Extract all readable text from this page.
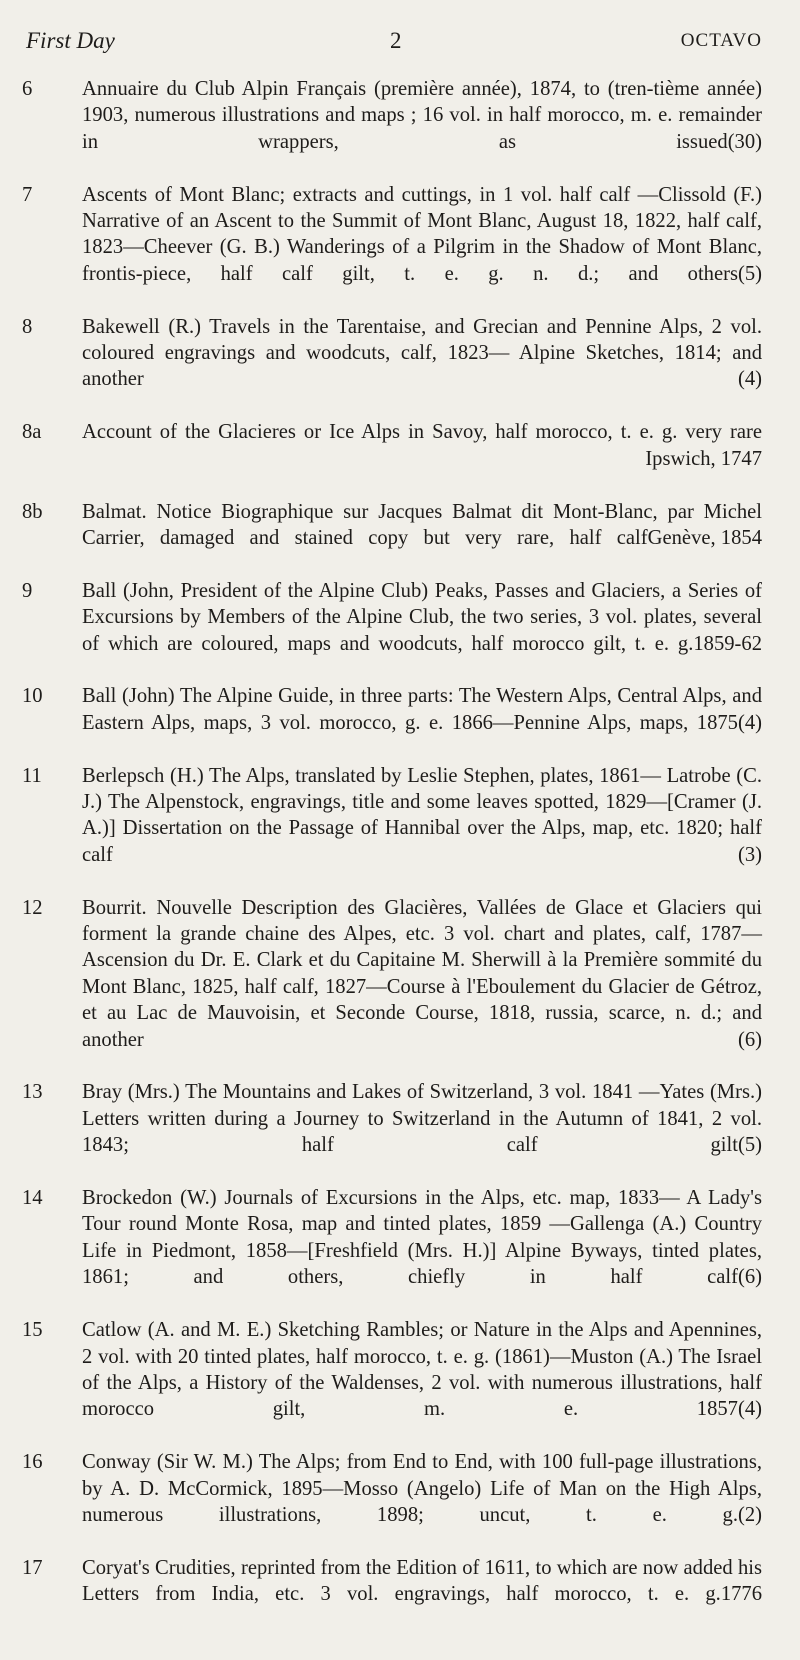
First Day	2	OCTAVO
6	Annuaire du Club Alpin Français (première année), 1874, to (tren-tième année) 1903, numerous illustrations and maps ; 16 vol. in half morocco, m. e. remainder in wrappers, as issued (30)
7	Ascents of Mont Blanc; extracts and cuttings, in 1 vol. half calf —Clissold (F.) Narrative of an Ascent to the Summit of Mont Blanc, August 18, 1822, half calf, 1823—Cheever (G. B.) Wanderings of a Pilgrim in the Shadow of Mont Blanc, frontis-piece, half calf gilt, t. e. g. n. d.; and others (5)
8	Bakewell (R.) Travels in the Tarentaise, and Grecian and Pennine Alps, 2 vol. coloured engravings and woodcuts, calf, 1823— Alpine Sketches, 1814; and another	(4)
8a	Account of the Glacieres or Ice Alps in Savoy, half morocco, t. e. g. very rare
Ipswich, 1747
8b	Balmat. Notice Biographique sur Jacques Balmat dit Mont-Blanc, par Michel Carrier, damaged and stained copy but very rare, half calf Genève, 1854
9	Ball (John, President of the Alpine Club) Peaks, Passes and Glaciers, a Series of Excursions by Members of the Alpine Club, the two series, 3 vol. plates, several of which are coloured, maps and woodcuts, half morocco gilt, t. e. g. 1859-62
10	Ball (John) The Alpine Guide, in three parts: The Western Alps, Central Alps, and Eastern Alps, maps, 3 vol. morocco, g. e. 1866—Pennine Alps, maps, 1875 (4)
11	Berlepsch (H.) The Alps, translated by Leslie Stephen, plates, 1861— Latrobe (C. J.) The Alpenstock, engravings, title and some leaves spotted, 1829—[Cramer (J. A.)] Dissertation on the Passage of Hannibal over the Alps, map, etc. 1820; half calf	(3)
12	Bourrit. Nouvelle Description des Glacières, Vallées de Glace et Glaciers qui forment la grande chaine des Alpes, etc. 3 vol. chart and plates, calf, 1787—Ascension du Dr. E. Clark et du Capitaine M. Sherwill à la Première sommité du Mont Blanc, 1825, half calf, 1827—Course à l'Eboulement du Glacier de Gétroz, et au Lac de Mauvoisin, et Seconde Course, 1818, russia, scarce, n. d.; and another	(6)
13	Bray (Mrs.) The Mountains and Lakes of Switzerland, 3 vol. 1841 —Yates (Mrs.) Letters written during a Journey to Switzerland in the Autumn of 1841, 2 vol. 1843; half calf gilt (5)
14	Brockedon (W.) Journals of Excursions in the Alps, etc. map, 1833— A Lady's Tour round Monte Rosa, map and tinted plates, 1859 —Gallenga (A.) Country Life in Piedmont, 1858—[Freshfield (Mrs. H.)] Alpine Byways, tinted plates, 1861; and others, chiefly in half calf (6)
15	Catlow (A. and M. E.) Sketching Rambles; or Nature in the Alps and Apennines, 2 vol. with 20 tinted plates, half morocco, t. e. g. (1861)—Muston (A.) The Israel of the Alps, a History of the Waldenses, 2 vol. with numerous illustrations, half morocco gilt, m. e. 1857 (4)
16	Conway (Sir W. M.) The Alps; from End to End, with 100 full-page illustrations, by A. D. McCormick, 1895—Mosso (Angelo) Life of Man on the High Alps, numerous illustrations, 1898; uncut, t. e. g. (2)
17	Coryat's Crudities, reprinted from the Edition of 1611, to which are now added his Letters from India, etc. 3 vol. engravings, half morocco, t. e. g. 1776
